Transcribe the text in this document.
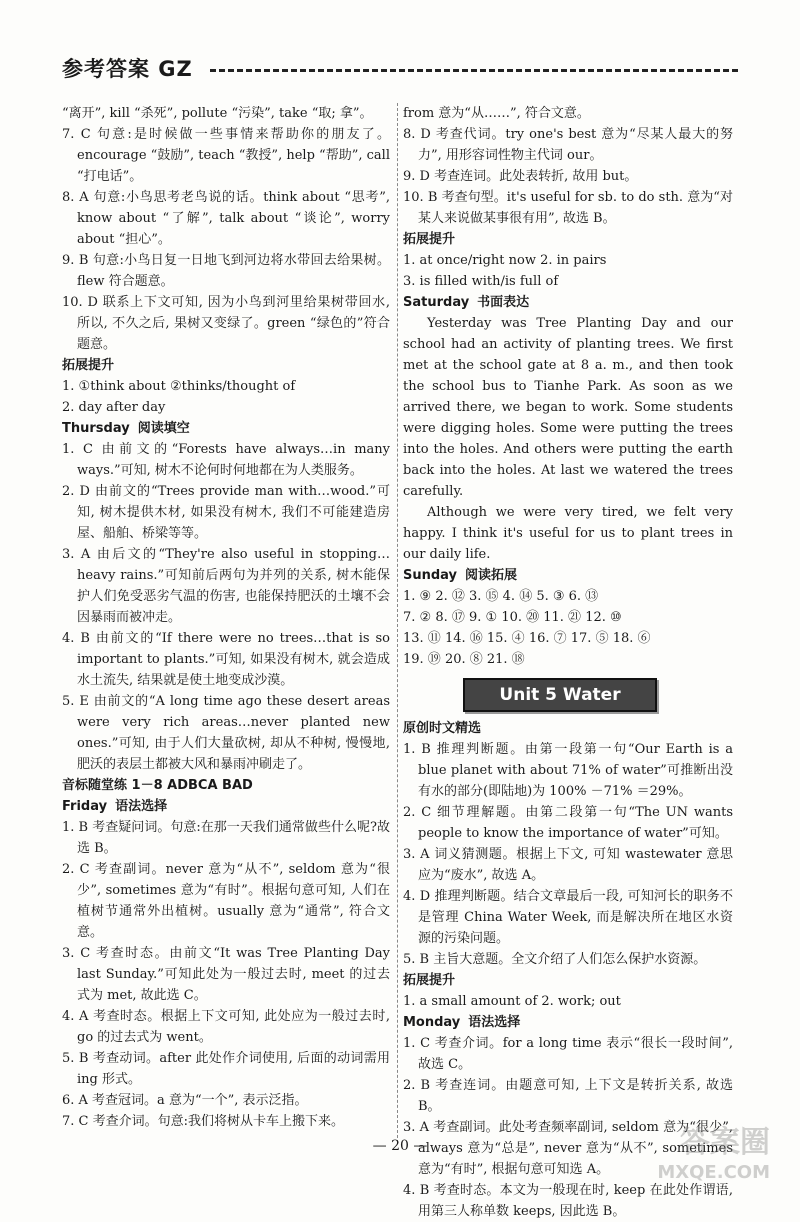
参考答案 GZ

“离开”, kill “杀死”, pollute “污染”, take “取; 拿”。

7. C 句意:是时候做一些事情来帮助你的朋友了。encourage “鼓励”, teach “教授”, help “帮助”, call “打电话”。

8. A 句意:小鸟思考老鸟说的话。think about “思考”, know about “了解”, talk about “谈论”, worry about “担心”。

9. B 句意:小鸟日复一日地飞到河边将水带回去给果树。flew 符合题意。

10. D 联系上下文可知, 因为小鸟到河里给果树带回水, 所以, 不久之后, 果树又变绿了。green “绿色的”符合题意。

拓展提升

1. ①think about ②thinks/thought of

2. day after day

Thursday 阅读填空

1. C 由前文的“Forests have always…in many ways.”可知, 树木不论何时何地都在为人类服务。

2. D 由前文的“Trees provide man with…wood.”可知, 树木提供木材, 如果没有树木, 我们不可能建造房屋、船舶、桥梁等等。

3. A 由后文的“They're also useful in stopping…heavy rains.”可知前后两句为并列的关系, 树木能保护人们免受恶劣气温的伤害, 也能保持肥沃的土壤不会因暴雨而被冲走。

4. B 由前文的“If there were no trees…that is so important to plants.”可知, 如果没有树木, 就会造成水土流失, 结果就是使土地变成沙漠。

5. E 由前文的“A long time ago these desert areas were very rich areas…never planted new ones.”可知, 由于人们大量砍树, 却从不种树, 慢慢地, 肥沃的表层土都被大风和暴雨冲刷走了。

音标随堂练 1－8 ADBCA BAD

Friday 语法选择

1. B 考查疑问词。句意:在那一天我们通常做些什么呢?故选 B。

2. C 考查副词。never 意为“从不”, seldom 意为“很少”, sometimes 意为“有时”。根据句意可知, 人们在植树节通常外出植树。usually 意为“通常”, 符合文意。

3. C 考查时态。由前文“It was Tree Planting Day last Sunday.”可知此处为一般过去时, meet 的过去式为 met, 故此选 C。

4. A 考查时态。根据上下文可知, 此处应为一般过去时, go 的过去式为 went。

5. B 考查动词。after 此处作介词使用, 后面的动词需用 ing 形式。

6. A 考查冠词。a 意为“一个”, 表示泛指。

7. C 考查介词。句意:我们将树从卡车上搬下来。

from 意为“从……”, 符合文意。

8. D 考查代词。try one's best 意为“尽某人最大的努力”, 用形容词性物主代词 our。

9. D 考查连词。此处表转折, 故用 but。

10. B 考查句型。it's useful for sb. to do sth. 意为“对某人来说做某事很有用”, 故选 B。

拓展提升

1. at once/right now 2. in pairs

3. is filled with/is full of

Saturday 书面表达

Yesterday was Tree Planting Day and our school had an activity of planting trees. We first met at the school gate at 8 a. m., and then took the school bus to Tianhe Park. As soon as we arrived there, we began to work. Some students were digging holes. Some were putting the trees into the holes. And others were putting the earth back into the holes. At last we watered the trees carefully.

Although we were very tired, we felt very happy. I think it's useful for us to plant trees in our daily life.

Sunday 阅读拓展

1. ⑨ 2. ⑫ 3. ⑮ 4. ⑭ 5. ③ 6. ⑬

7. ② 8. ⑰ 9. ① 10. ⑳ 11. ㉑ 12. ⑩

13. ⑪ 14. ⑯ 15. ④ 16. ⑦ 17. ⑤ 18. ⑥

19. ⑲ 20. ⑧ 21. ⑱

Unit 5 Water

原创时文精选

1. B 推理判断题。由第一段第一句“Our Earth is a blue planet with about 71% of water”可推断出没有水的部分(即陆地)为 100% －71% ＝29%。

2. C 细节理解题。由第二段第一句“The UN wants people to know the importance of water”可知。

3. A 词义猜测题。根据上下文, 可知 wastewater 意思应为“废水”, 故选 A。

4. D 推理判断题。结合文章最后一段, 可知河长的职务不是管理 China Water Week, 而是解决所在地区水资源的污染问题。

5. B 主旨大意题。全文介绍了人们怎么保护水资源。

拓展提升

1. a small amount of 2. work; out

Monday 语法选择

1. C 考查介词。for a long time 表示“很长一段时间”, 故选 C。

2. B 考查连词。由题意可知, 上下文是转折关系, 故选 B。

3. A 考查副词。此处考查频率副词, seldom 意为“很少”, always 意为“总是”, never 意为“从不”, sometimes 意为“有时”, 根据句意可知选 A。

4. B 考查时态。本文为一般现在时, keep 在此处作谓语, 用第三人称单数 keeps, 因此选 B。

— 20 —	答案圈
MXQE.COM
